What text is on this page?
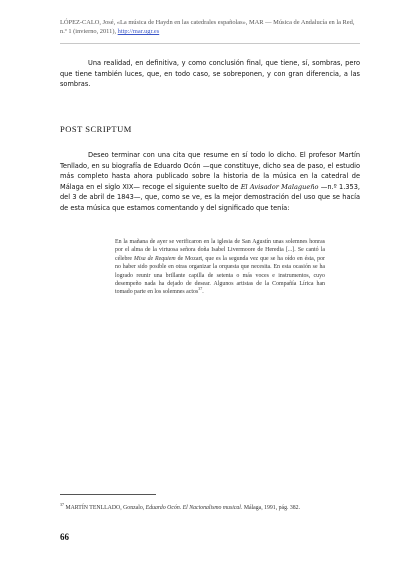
LÓPEZ-CALO, José, «La música de Haydn en las catedrales españolas», MAR — Música de Andalucía en la Red, n.º 1 (invierno, 2011), http://mar.ugr.es
Una realidad, en definitiva, y como conclusión final, que tiene, sí, sombras, pero que tiene también luces, que, en todo caso, se sobreponen, y con gran diferencia, a las sombras.
POST SCRIPTUM
Deseo terminar con una cita que resume en sí todo lo dicho. El profesor Martín Tenllado, en su biografía de Eduardo Ocón —que constituye, dicho sea de paso, el estudio más completo hasta ahora publicado sobre la historia de la música en la catedral de Málaga en el siglo XIX— recoge el siguiente suelto de El Avisador Malagueño —n.º 1.353, del 3 de abril de 1843—, que, como se ve, es la mejor demostración del uso que se hacía de esta música que estamos comentando y del significado que tenía:
En la mañana de ayer se verificaron en la iglesia de San Agustín unas solemnes honras por el alma de la virtuosa señora doña Isabel Livermoore de Heredia [...]. Se cantó la célebre Misa de Requiem de Mozart, que es la segunda vez que se ha oído en ésta, por no haber sido posible en otras organizar la orquesta que necesita. En esta ocasión se ha logrado reunir una brillante capilla de setenta o más voces e instrumentos, cuyo desempeño nada ha dejado de desear. Algunos artistas de la Compañía Lírica han tomado parte en los solemnes actos$^{37}$.
$^{37}$ MARTÍN TENLLADO, Gonzalo, Eduardo Ocón. El Nacionalismo musical. Málaga, 1991, pág. 382.
66
